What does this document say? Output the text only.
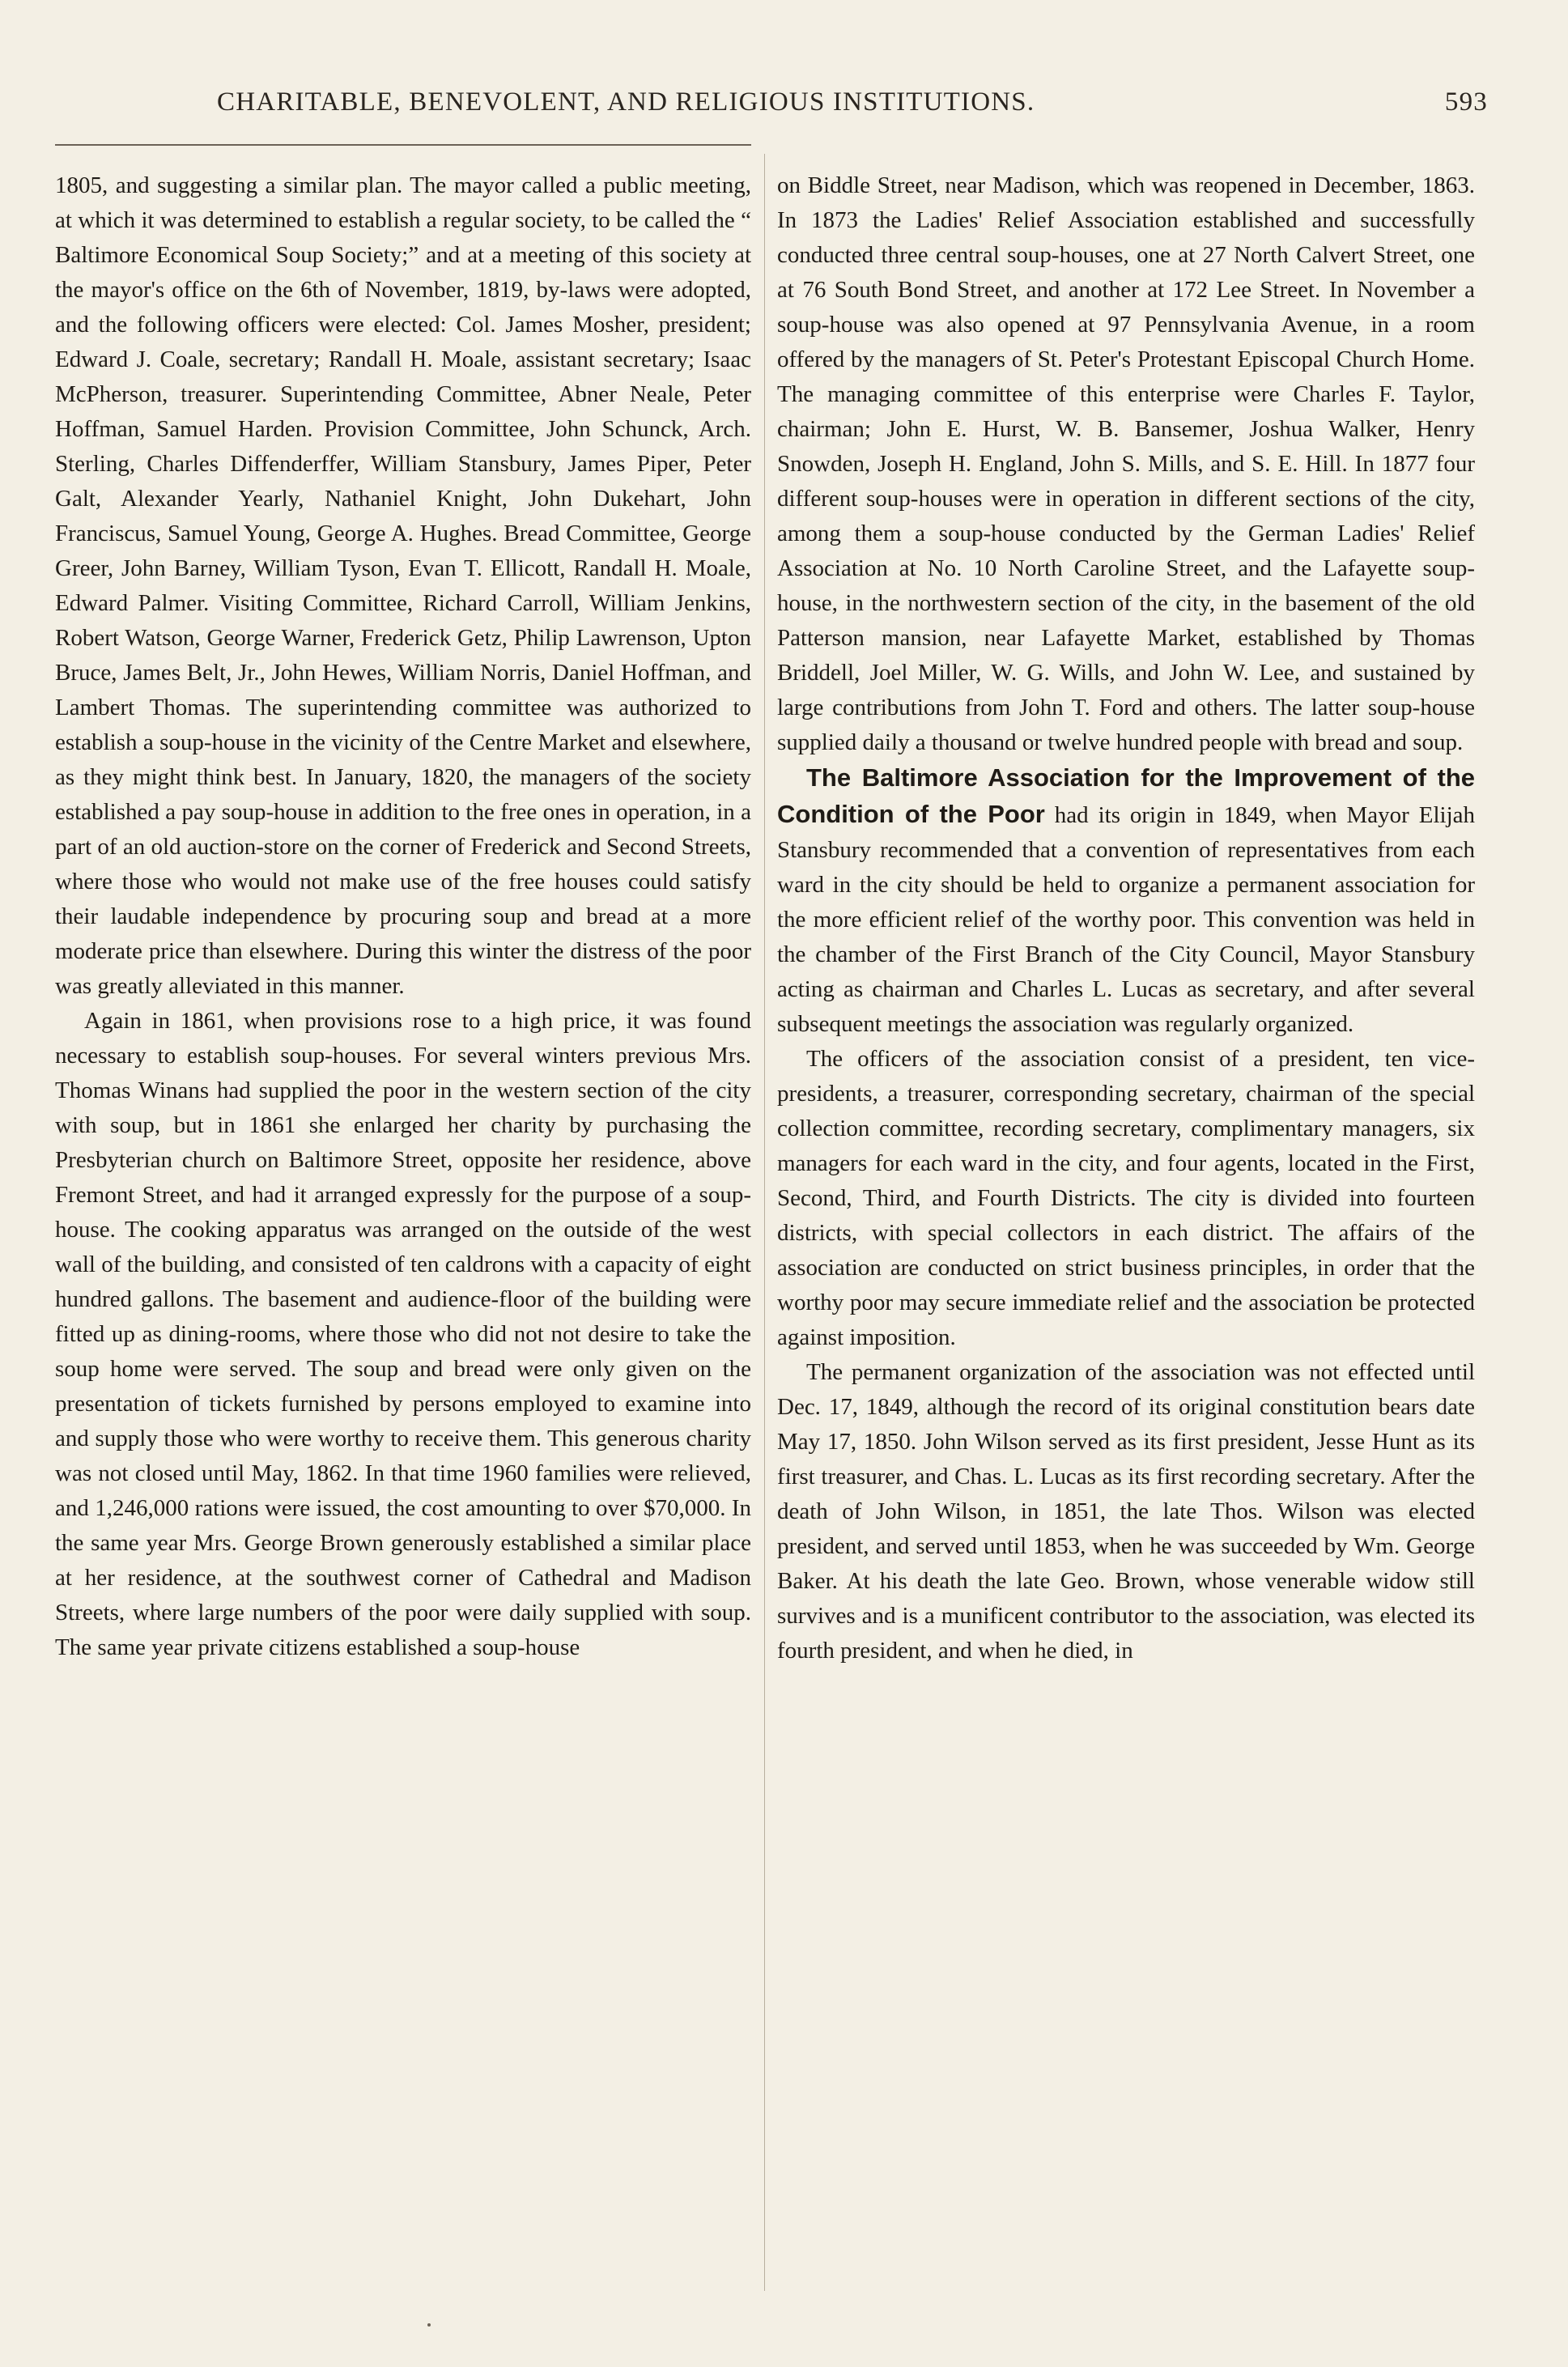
CHARITABLE, BENEVOLENT, AND RELIGIOUS INSTITUTIONS.	593

1805, and suggesting a similar plan. The mayor called a public meeting, at which it was determined to establish a regular society, to be called the “ Baltimore Economical Soup Society;” and at a meeting of this society at the mayor's office on the 6th of November, 1819, by-laws were adopted, and the following officers were elected: Col. James Mosher, president; Edward J. Coale, secretary; Randall H. Moale, assistant secretary; Isaac McPherson, treasurer. Superintending Committee, Abner Neale, Peter Hoffman, Samuel Harden. Provision Committee, John Schunck, Arch. Sterling, Charles Diffenderffer, William Stansbury, James Piper, Peter Galt, Alexander Yearly, Nathaniel Knight, John Dukehart, John Franciscus, Samuel Young, George A. Hughes. Bread Committee, George Greer, John Barney, William Tyson, Evan T. Ellicott, Randall H. Moale, Edward Palmer. Visiting Committee, Richard Carroll, William Jenkins, Robert Watson, George Warner, Frederick Getz, Philip Lawrenson, Upton Bruce, James Belt, Jr., John Hewes, William Norris, Daniel Hoffman, and Lambert Thomas. The superintending committee was authorized to establish a soup-house in the vicinity of the Centre Market and elsewhere, as they might think best. In January, 1820, the managers of the society established a pay soup-house in addition to the free ones in operation, in a part of an old auction-store on the corner of Frederick and Second Streets, where those who would not make use of the free houses could satisfy their laudable independence by procuring soup and bread at a more moderate price than elsewhere. During this winter the distress of the poor was greatly alleviated in this manner.

Again in 1861, when provisions rose to a high price, it was found necessary to establish soup-houses. For several winters previous Mrs. Thomas Winans had supplied the poor in the western section of the city with soup, but in 1861 she enlarged her charity by purchasing the Presbyterian church on Baltimore Street, opposite her residence, above Fremont Street, and had it arranged expressly for the purpose of a soup-house. The cooking apparatus was arranged on the outside of the west wall of the building, and consisted of ten caldrons with a capacity of eight hundred gallons. The basement and audience-floor of the building were fitted up as dining-rooms, where those who did not not desire to take the soup home were served. The soup and bread were only given on the presentation of tickets furnished by persons employed to examine into and supply those who were worthy to receive them. This generous charity was not closed until May, 1862. In that time 1960 families were relieved, and 1,246,000 rations were issued, the cost amounting to over $70,000. In the same year Mrs. George Brown generously established a similar place at her residence, at the southwest corner of Cathedral and Madison Streets, where large numbers of the poor were daily supplied with soup. The same year private citizens established a soup-house

on Biddle Street, near Madison, which was reopened in December, 1863. In 1873 the Ladies' Relief Association established and successfully conducted three central soup-houses, one at 27 North Calvert Street, one at 76 South Bond Street, and another at 172 Lee Street. In November a soup-house was also opened at 97 Pennsylvania Avenue, in a room offered by the managers of St. Peter's Protestant Episcopal Church Home. The managing committee of this enterprise were Charles F. Taylor, chairman; John E. Hurst, W. B. Bansemer, Joshua Walker, Henry Snowden, Joseph H. England, John S. Mills, and S. E. Hill. In 1877 four different soup-houses were in operation in different sections of the city, among them a soup-house conducted by the German Ladies' Relief Association at No. 10 North Caroline Street, and the Lafayette soup-house, in the northwestern section of the city, in the basement of the old Patterson mansion, near Lafayette Market, established by Thomas Briddell, Joel Miller, W. G. Wills, and John W. Lee, and sustained by large contributions from John T. Ford and others. The latter soup-house supplied daily a thousand or twelve hundred people with bread and soup.

The Baltimore Association for the Improvement of the Condition of the Poor had its origin in 1849, when Mayor Elijah Stansbury recommended that a convention of representatives from each ward in the city should be held to organize a permanent association for the more efficient relief of the worthy poor. This convention was held in the chamber of the First Branch of the City Council, Mayor Stansbury acting as chairman and Charles L. Lucas as secretary, and after several subsequent meetings the association was regularly organized.

The officers of the association consist of a president, ten vice-presidents, a treasurer, corresponding secretary, chairman of the special collection committee, recording secretary, complimentary managers, six managers for each ward in the city, and four agents, located in the First, Second, Third, and Fourth Districts. The city is divided into fourteen districts, with special collectors in each district. The affairs of the association are conducted on strict business principles, in order that the worthy poor may secure immediate relief and the association be protected against imposition.

The permanent organization of the association was not effected until Dec. 17, 1849, although the record of its original constitution bears date May 17, 1850. John Wilson served as its first president, Jesse Hunt as its first treasurer, and Chas. L. Lucas as its first recording secretary. After the death of John Wilson, in 1851, the late Thos. Wilson was elected president, and served until 1853, when he was succeeded by Wm. George Baker. At his death the late Geo. Brown, whose venerable widow still survives and is a munificent contributor to the association, was elected its fourth president, and when he died, in
